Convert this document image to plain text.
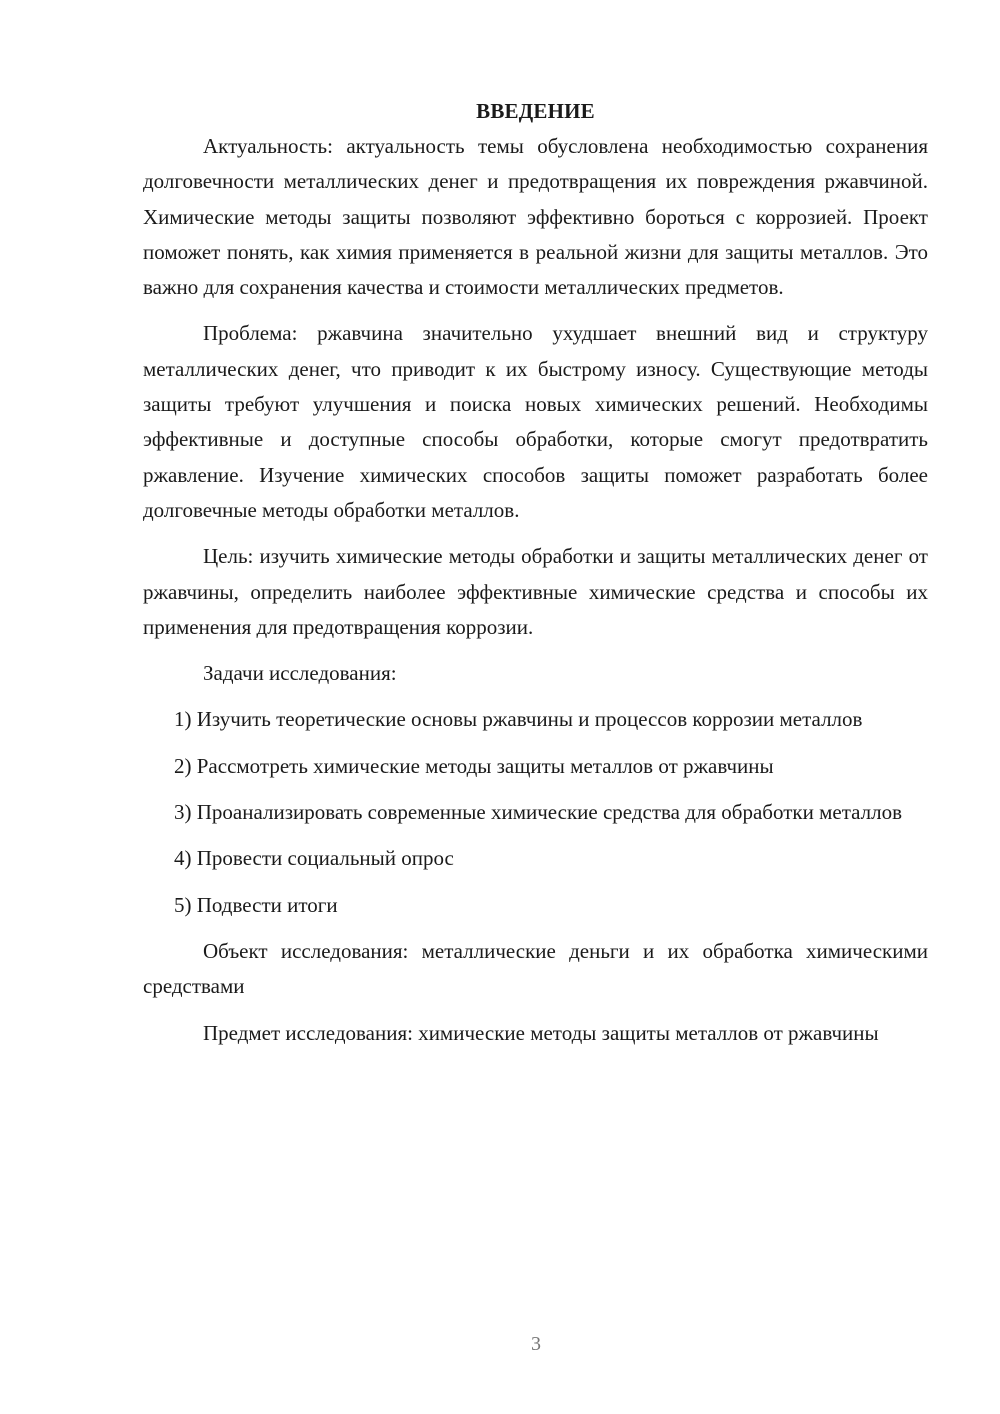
ВВЕДЕНИЕ

Актуальность: актуальность темы обусловлена необходимостью сохранения долговечности металлических денег и предотвращения их повреждения ржавчиной. Химические методы защиты позволяют эффективно бороться с коррозией. Проект поможет понять, как химия применяется в реальной жизни для защиты металлов. Это важно для сохранения качества и стоимости металлических предметов.

Проблема: ржавчина значительно ухудшает внешний вид и структуру металлических денег, что приводит к их быстрому износу. Существующие методы защиты требуют улучшения и поиска новых химических решений. Необходимы эффективные и доступные способы обработки, которые смогут предотвратить ржавление. Изучение химических способов защиты поможет разработать более долговечные методы обработки металлов.

Цель: изучить химические методы обработки и защиты металлических денег от ржавчины, определить наиболее эффективные химические средства и способы их применения для предотвращения коррозии.

Задачи исследования:

1) Изучить теоретические основы ржавчины и процессов коррозии металлов

2) Рассмотреть химические методы защиты металлов от ржавчины

3) Проанализировать современные химические средства для обработки металлов

4) Провести социальный опрос

5) Подвести итоги

Объект исследования: металлические деньги и их обработка химическими средствами

Предмет исследования: химические методы защиты металлов от ржавчины

3
